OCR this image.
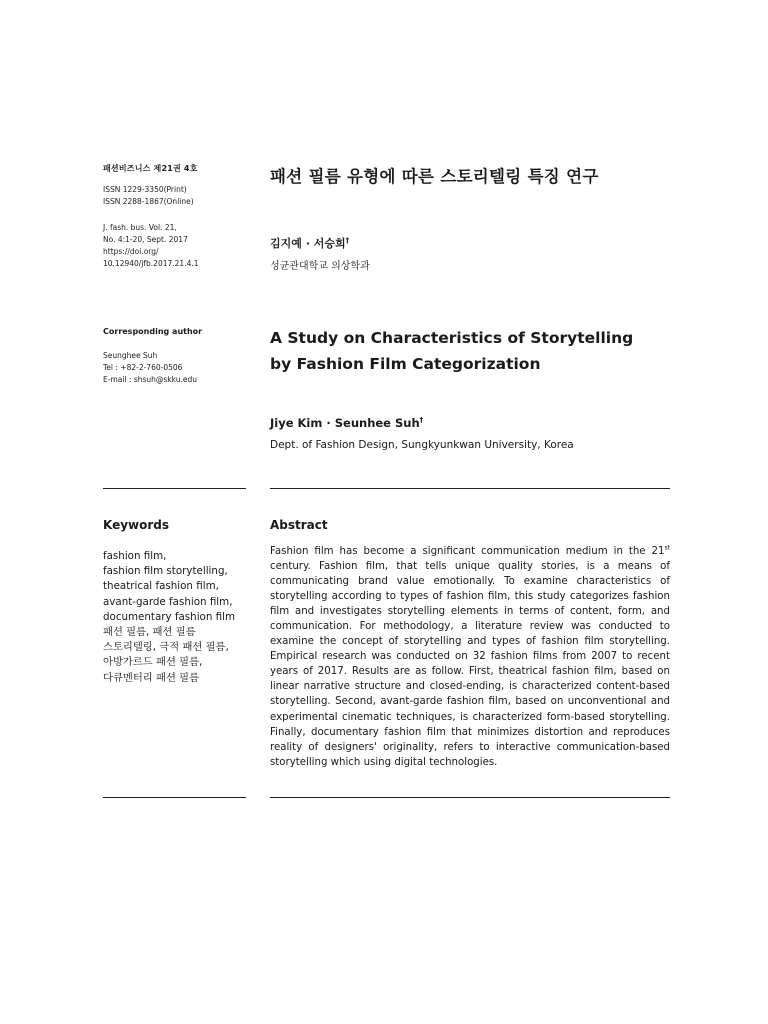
패션비즈니스 제21권 4호
ISSN 1229-3350(Print)
ISSN 2288-1867(Online)
J. fash. bus. Vol. 21,
No. 4:1-20, Sept. 2017
https://doi.org/
10.12940/jfb.2017.21.4.1
Corresponding author
Seunghee Suh
Tel : +82-2-760-0506
E-mail : shsuh@skku.edu
패션 필름 유형에 따른 스토리텔링 특징 연구
김지예 · 서승희†
성균관대학교 의상학과
A Study on Characteristics of Storytelling
by Fashion Film Categorization
Jiye Kim · Seunhee Suh†
Dept. of Fashion Design, Sungkyunkwan University, Korea
Keywords
fashion film,
fashion film storytelling,
theatrical fashion film,
avant-garde fashion film,
documentary fashion film
패션 필름, 패션 필름
스토리텔링, 극적 패션 필름,
아방가르드 패션 필름,
다큐멘터리 패션 필름
Abstract
Fashion film has become a significant communication medium in the 21st century. Fashion film, that tells unique quality stories, is a means of communicating brand value emotionally. To examine characteristics of storytelling according to types of fashion film, this study categorizes fashion film and investigates storytelling elements in terms of content, form, and communication. For methodology, a literature review was conducted to examine the concept of storytelling and types of fashion film storytelling. Empirical research was conducted on 32 fashion films from 2007 to recent years of 2017. Results are as follow. First, theatrical fashion film, based on linear narrative structure and closed-ending, is characterized content-based storytelling. Second, avant-garde fashion film, based on unconventional and experimental cinematic techniques, is characterized form-based storytelling. Finally, documentary fashion film that minimizes distortion and reproduces reality of designers' originality, refers to interactive communication-based storytelling which using digital technologies.
